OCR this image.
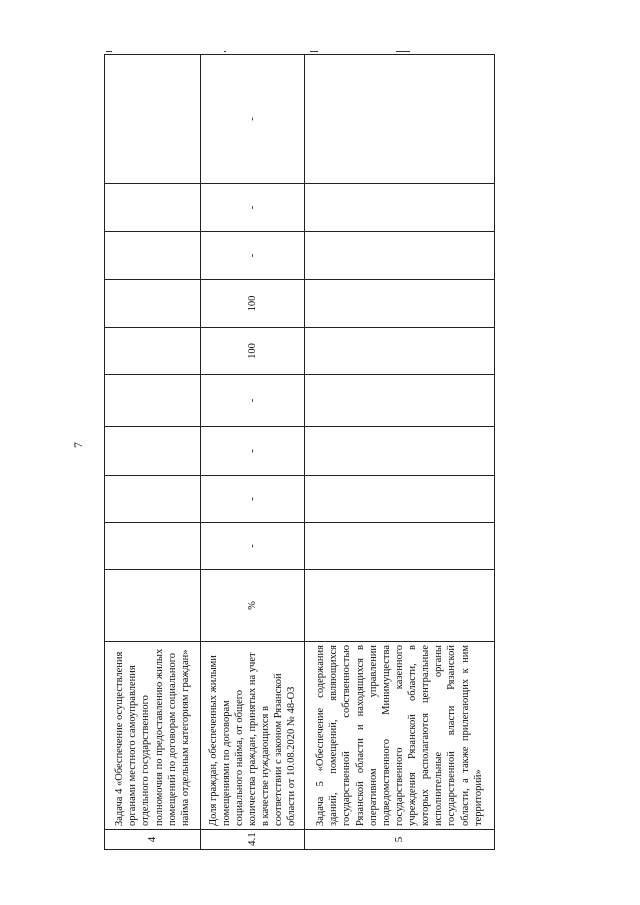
7
4	Задача 4 «Обеспечение осуществления органами местного самоуправления отдельного государственного полномочия по предоставлению жилых помещений по договорам социального найма отдельным категориям граждан»										
4.1	Доля граждан, обеспеченных жилыми помещениями по договорам социального найма, от общего количества граждан, принятых на учет в качестве нуждающихся в соответствии с законом Рязанской области от 10.08.2020 № 48-ОЗ	%	-	-	-	-	100	100	-	-	-
5	Задача 5 «Обеспечение содержания зданий, помещений, являющихся государственной собственностью Рязанской области и находящихся в оперативном управлении подведомственного Минимущества государственного казенного учреждения Рязанской области, в которых располагаются центральные исполнительные органы государственной власти Рязанской области, а также прилегающих к ним территорий»										
